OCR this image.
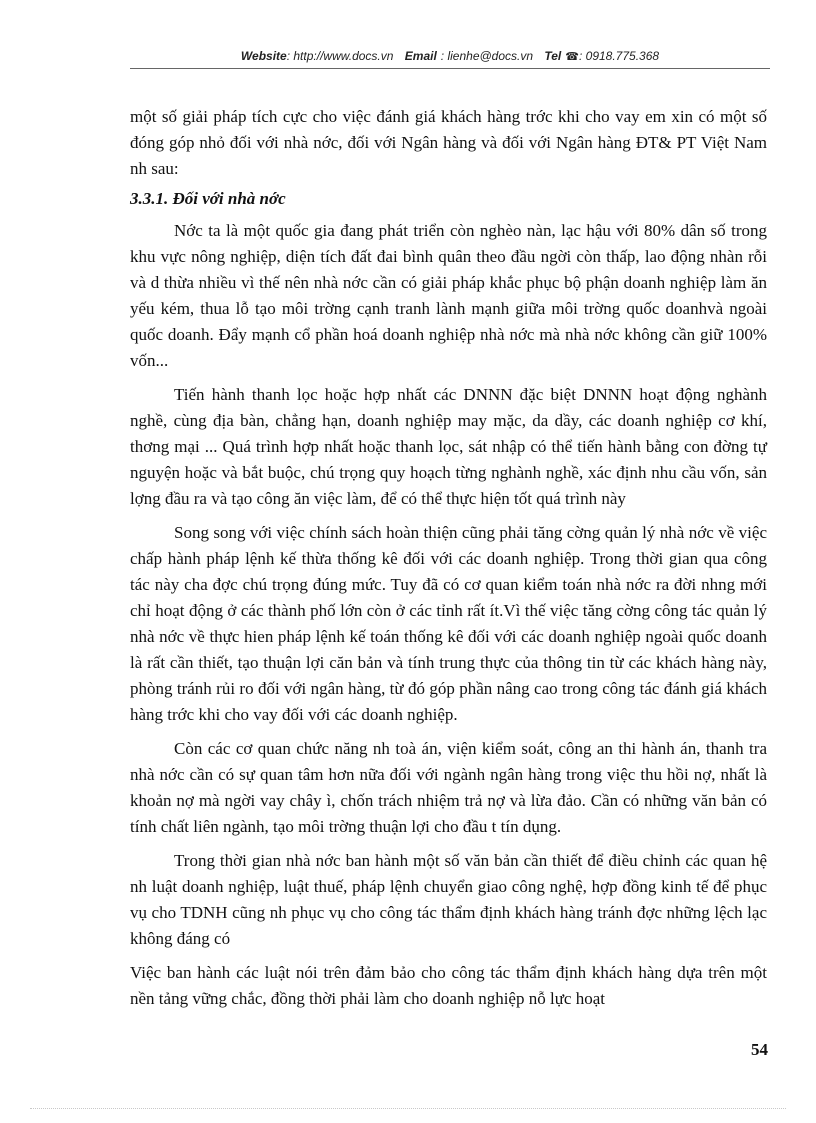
Website: http://www.docs.vn Email : lienhe@docs.vn Tel ☎: 0918.775.368

một số giải pháp tích cực cho việc đánh giá khách hàng trớc khi cho vay em xin có một số đóng góp nhỏ đối với nhà nớc, đối với Ngân hàng và đối với Ngân hàng ĐT& PT Việt Nam nh sau:

3.3.1. Đối với nhà nớc

Nớc ta là một quốc gia đang phát triển còn nghèo nàn, lạc hậu với 80% dân số trong khu vực nông nghiệp, diện tích đất đai bình quân theo đầu ngời còn thấp, lao động nhàn rỗi và d thừa nhiều vì thế nên nhà nớc cần có giải pháp khắc phục bộ phận doanh nghiệp làm ăn yếu kém, thua lỗ tạo môi trờng cạnh tranh lành mạnh giữa môi trờng quốc doanhvà ngoài quốc doanh. Đẩy mạnh cổ phần hoá doanh nghiệp nhà nớc mà nhà nớc không cần giữ 100% vốn...

Tiến hành thanh lọc hoặc hợp nhất các DNNN đặc biệt DNNN hoạt động nghành nghề, cùng địa bàn, chẳng hạn, doanh nghiệp may mặc, da dầy, các doanh nghiệp cơ khí, thơng mại ... Quá trình hợp nhất hoặc thanh lọc, sát nhập có thể tiến hành bằng con đờng tự nguyện hoặc và bắt buộc, chú trọng quy hoạch từng nghành nghề, xác định nhu cầu vốn, sản lợng đầu ra và tạo công ăn việc làm, để có thể thực hiện tốt quá trình này

Song song với việc chính sách hoàn thiện cũng phải tăng cờng quản lý nhà nớc về việc chấp hành pháp lệnh kế thừa thống kê đối với các doanh nghiệp. Trong thời gian qua công tác này cha đợc chú trọng đúng mức. Tuy đã có cơ quan kiểm toán nhà nớc ra đời nhng mới chỉ hoạt động ở các thành phố lớn còn ở các tỉnh rất ít.Vì thế việc tăng cờng công tác quản lý nhà nớc về thực hien pháp lệnh kế toán thống kê đối với các doanh nghiệp ngoài quốc doanh là rất cần thiết, tạo thuận lợi căn bản và tính trung thực của thông tin từ các khách hàng này, phòng tránh rủi ro đối với ngân hàng, từ đó góp phần nâng cao trong công tác đánh giá khách hàng trớc khi cho vay đối với các doanh nghiệp.

Còn các cơ quan chức năng nh toà án, viện kiểm soát, công an thi hành án, thanh tra nhà nớc cần có sự quan tâm hơn nữa đối với ngành ngân hàng trong việc thu hồi nợ, nhất là khoản nợ mà ngời vay chây ì, chốn trách nhiệm trả nợ và lừa đảo. Cần có những văn bản có tính chất liên ngành, tạo môi trờng thuận lợi cho đầu t tín dụng.

Trong thời gian nhà nớc ban hành một số văn bản cần thiết để điều chỉnh các quan hệ nh luật doanh nghiệp, luật thuế, pháp lệnh chuyển giao công nghệ, hợp đồng kinh tế để phục vụ cho TDNH cũng nh phục vụ cho công tác thẩm định khách hàng tránh đợc những lệch lạc không đáng có

Việc ban hành các luật nói trên đảm bảo cho công tác thẩm định khách hàng dựa trên một nền tảng vững chắc, đồng thời phải làm cho doanh nghiệp nỗ lực hoạt

54
